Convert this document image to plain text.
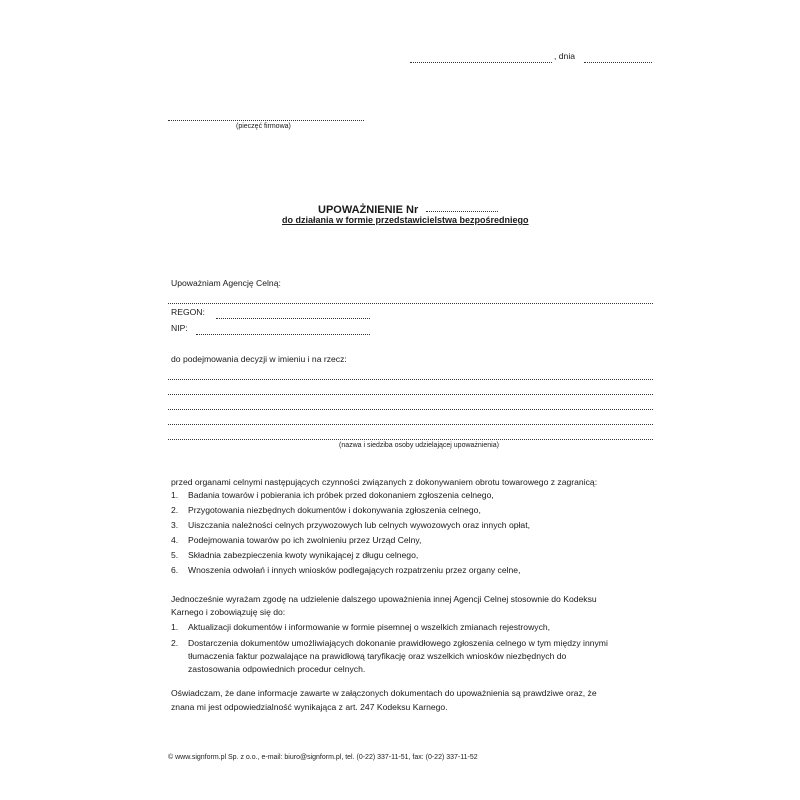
, dnia
(pieczęć firmowa)
UPOWAŻNIENIE Nr
do działania w formie przedstawicielstwa bezpośredniego
Upoważniam Agencję Celną:
REGON:
NIP:
do podejmowania decyzji w imieniu i na rzecz:
(nazwa i siedziba osoby udzielającej upoważnienia)
przed organami celnymi następujących czynności związanych z dokonywaniem obrotu towarowego z zagranicą:
1. Badania towarów i pobierania ich próbek przed dokonaniem zgłoszenia celnego,
2. Przygotowania niezbędnych dokumentów i dokonywania zgłoszenia celnego,
3. Uiszczania należności celnych przywozowych lub celnych wywozowych oraz innych opłat,
4. Podejmowania towarów po ich zwolnieniu przez Urząd Celny,
5. Składnia zabezpieczenia kwoty wynikającej z długu celnego,
6. Wnoszenia odwołań i innych wniosków podlegających rozpatrzeniu przez organy celne,
Jednocześnie wyrażam zgodę na udzielenie dalszego upoważnienia innej Agencji Celnej stosownie do Kodeksu
Karnego i zobowiązuję się do:
1. Aktualizacji dokumentów i informowanie w formie pisemnej o wszelkich zmianach rejestrowych,
2. Dostarczenia dokumentów umożliwiających dokonanie prawidłowego zgłoszenia celnego w tym między innymi
tłumaczenia faktur pozwalające na prawidłową taryfikację oraz wszelkich wniosków niezbędnych do
zastosowania odpowiednich procedur celnych.
Oświadczam, że dane informacje zawarte w załączonych dokumentach do upoważnienia są prawdziwe oraz, że
znana mi jest odpowiedzialność wynikająca z art. 247 Kodeksu Karnego.
© www.signform.pl Sp. z o.o., e-mail: biuro@signform.pl, tel. (0-22) 337-11-51, fax: (0-22) 337-11-52
